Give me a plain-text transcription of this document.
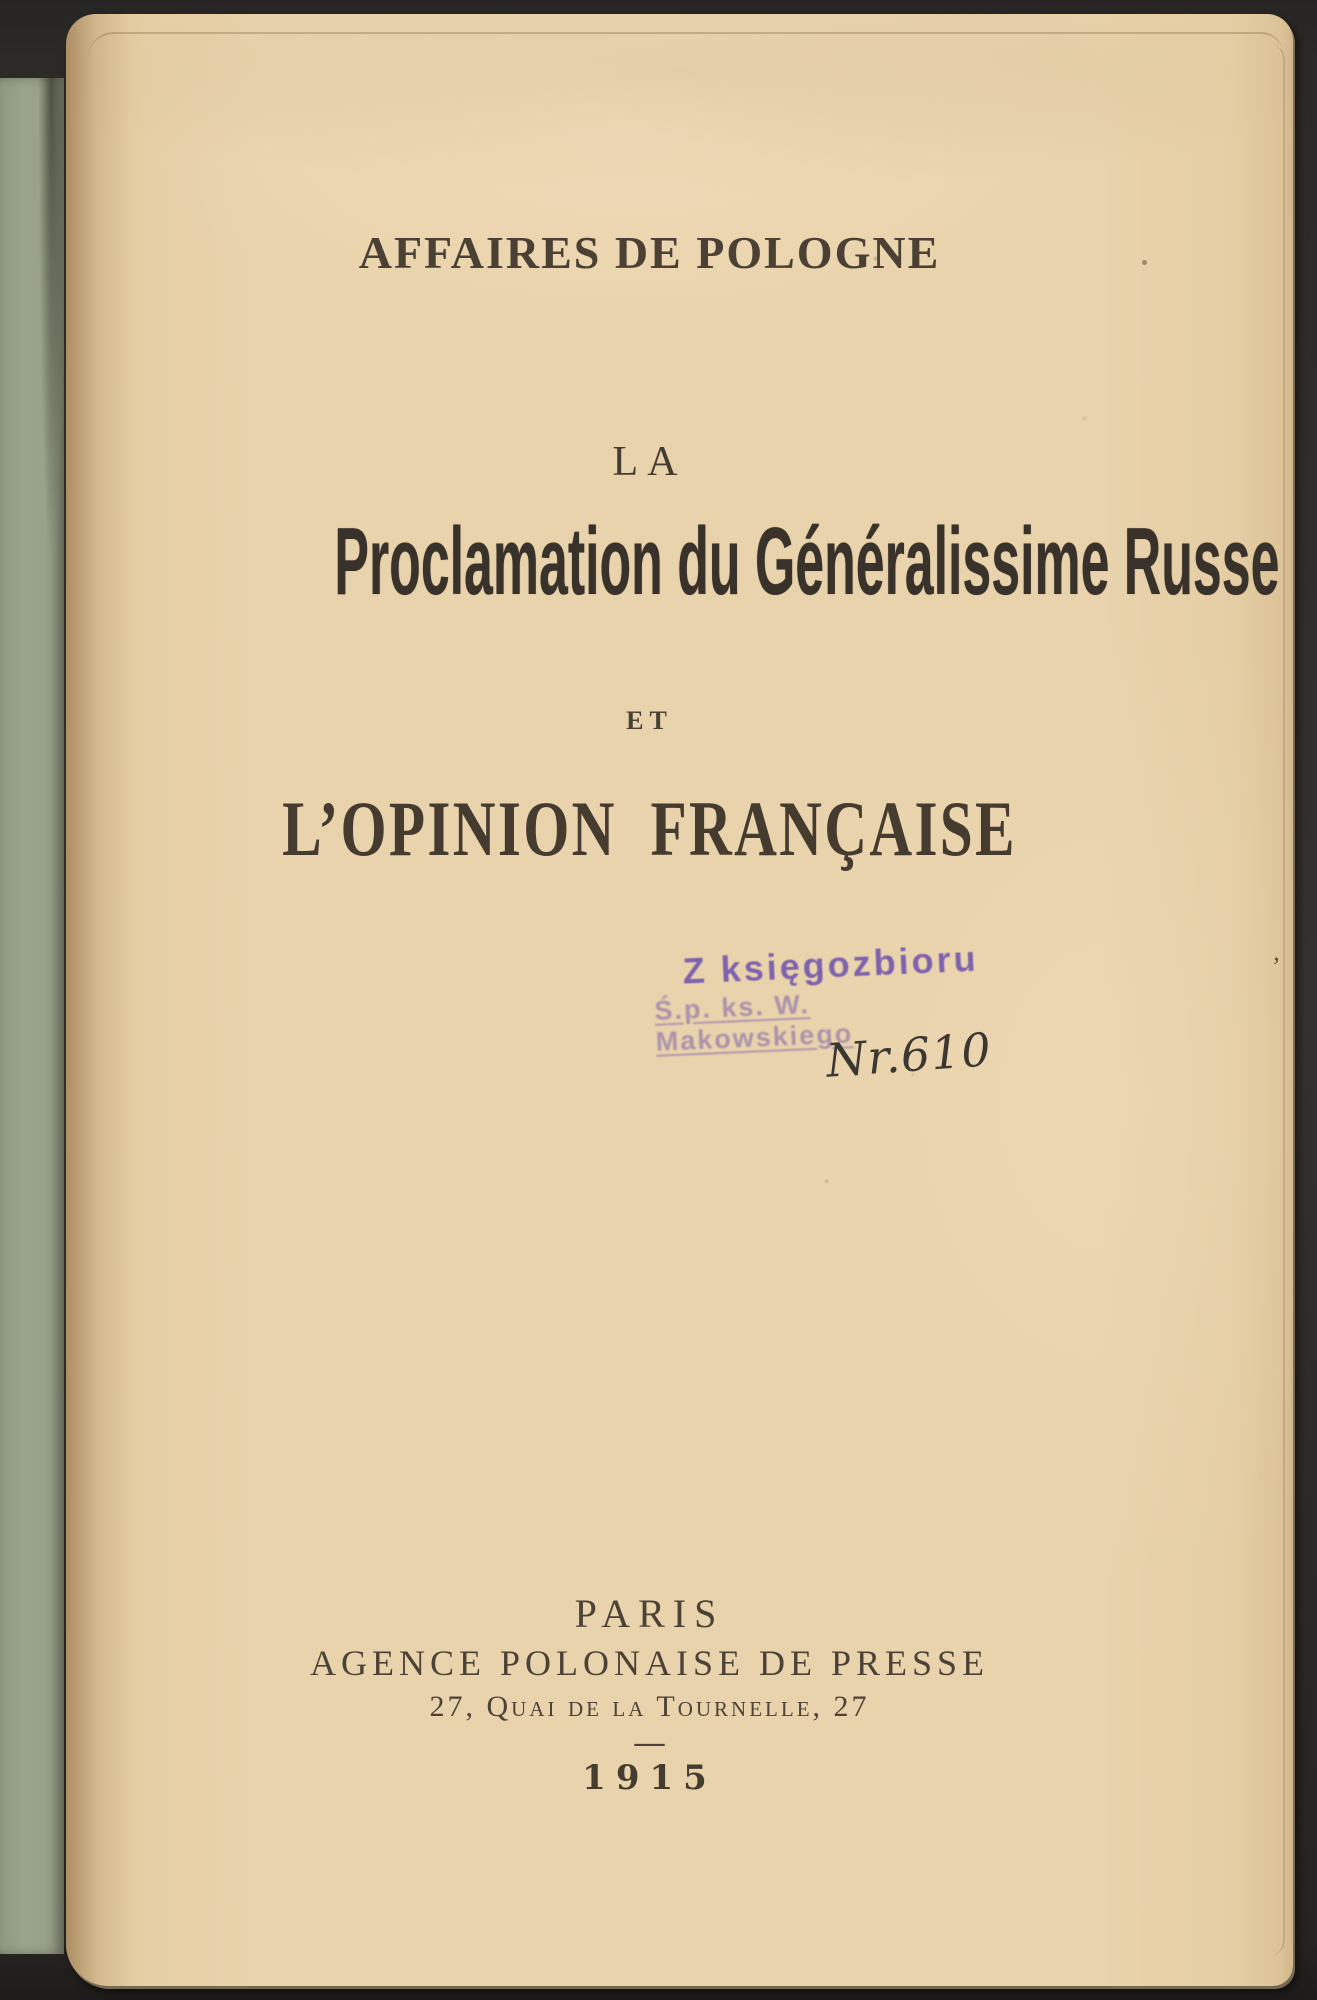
AFFAIRES DE POLOGNE
LA
Proclamation du Généralissime Russe
ET
L’OPINION FRANÇAISE
PARIS
AGENCE POLONAISE DE PRESSE
27, Quai de la Tournelle, 27
—
1915
Z księgozbioru
Ś.p. ks. W. Makowskiego
Nr.610
’
